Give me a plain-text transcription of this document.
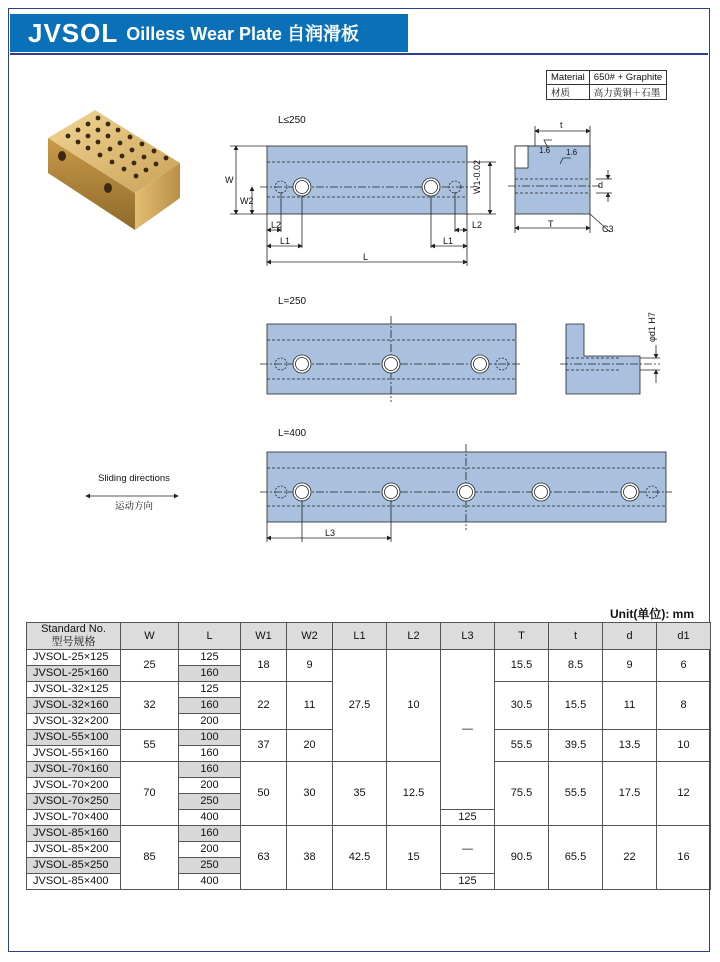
JVSOL Oilless Wear Plate 自润滑板
Material	650# + Graphite
材质	高力黄铜＋石墨
L≤250
L=250
L=400
W
W2
W1-0.02
L2
L1
L2
L1
L
t
T
d
C3
1.6 1.6
φd1 H7
L3
Sliding directions
运动方向
Unit(单位): mm
Standard No.
型号规格	W	L	W1	W2	L1	L2	L3	T	t	d	d1
JVSOL-25×125	25	125	18	9	27.5	10	—	15.5	8.5	9	6
JVSOL-25×160		160									
JVSOL-32×125	32	125	22	11				30.5	15.5	11	8
JVSOL-32×160		160									
JVSOL-32×200		200									
JVSOL-55×100	55	100	37	20				55.5	39.5	13.5	10
JVSOL-55×160		160									
JVSOL-70×160	70	160	50	30	35	12.5		75.5	55.5	17.5	12
JVSOL-70×200		200									
JVSOL-70×250		250									
JVSOL-70×400		400					125				
JVSOL-85×160	85	160	63	38	42.5	15	—	90.5	65.5	22	16
JVSOL-85×200		200									
JVSOL-85×250		250									
JVSOL-85×400		400					125				
